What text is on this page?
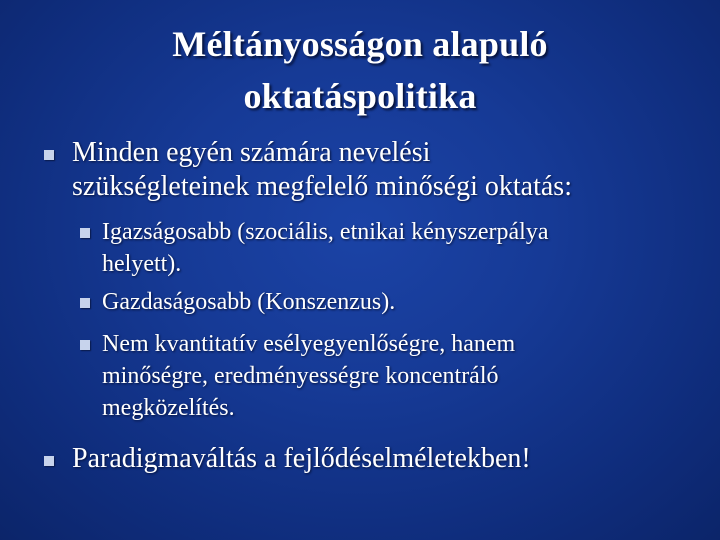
Méltányosságon alapuló
oktatáspolitika
Minden egyén számára nevelési
szükségleteinek megfelelő minőségi oktatás:
Igazságosabb (szociális, etnikai kényszerpálya
helyett).
Gazdaságosabb (Konszenzus).
Nem kvantitatív esélyegyenlőségre, hanem
minőségre, eredményességre koncentráló
megközelítés.
Paradigmaváltás a fejlődéselméletekben!
